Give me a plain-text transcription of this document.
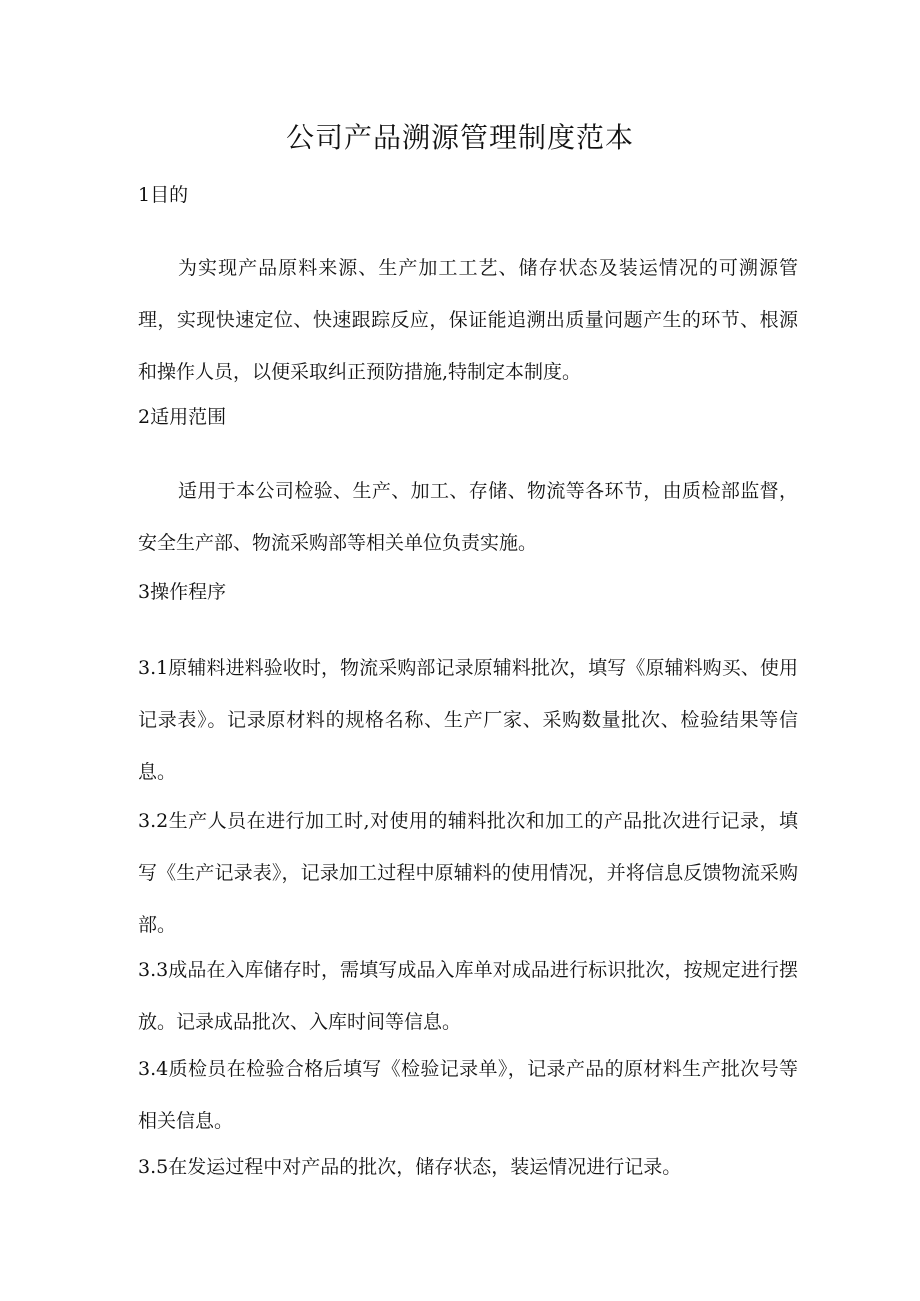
公司产品溯源管理制度范本
1目的

为实现产品原料来源、生产加工工艺、储存状态及装运情况的可溯源管理，实现快速定位、快速跟踪反应，保证能追溯出质量问题产生的环节、根源和操作人员，以便采取纠正预防措施,特制定本制度。

2适用范围

适用于本公司检验、生产、加工、存储、物流等各环节，由质检部监督，安全生产部、物流采购部等相关单位负责实施。

3操作程序

3.1原辅料进料验收时，物流采购部记录原辅料批次，填写《原辅料购买、使用记录表》。记录原材料的规格名称、生产厂家、采购数量批次、检验结果等信息。

3.2生产人员在进行加工时,对使用的辅料批次和加工的产品批次进行记录，填写《生产记录表》，记录加工过程中原辅料的使用情况，并将信息反馈物流采购部。

3.3成品在入库储存时，需填写成品入库单对成品进行标识批次，按规定进行摆放。记录成品批次、入库时间等信息。

3.4质检员在检验合格后填写《检验记录单》，记录产品的原材料生产批次号等相关信息。

3.5在发运过程中对产品的批次，储存状态，装运情况进行记录。
